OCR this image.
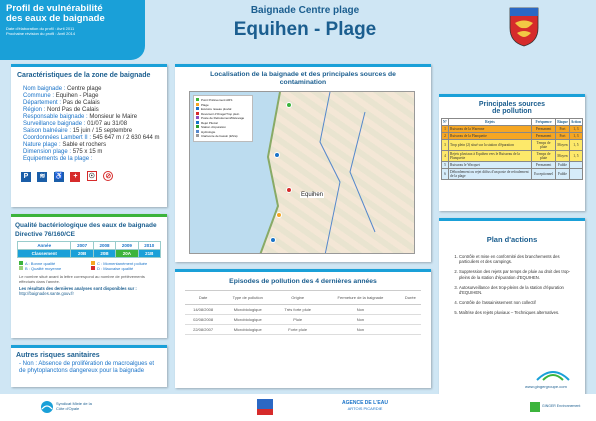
Profil de vulnérabilité
des eaux de baignade
Date d'élaboration du profil : Avril 2011
Prochaine révision du profil : Avril 2014
Baignade Centre plage
Equihen - Plage
Caractéristiques de la zone de baignade
Nom baignade : Centre plage
Commune : Equihen - Plage
Département : Pas de Calais
Région : Nord Pas de Calais
Responsable baignade : Monsieur le Maire
Surveillance baignade : 01/07 au 31/08
Saison balnéaire : 15 juin / 15 septembre
Coordonnées Lambert II : 545 647 m / 2 630 644 m
Nature plage : Sable et rochers
Dimension plage : 575 x 15 m
Equipements de la plage :
P ≋ ♿ + ☉ ⊘
Qualité bactériologique des eaux de baignade
Directive 76/160/CE
Année	2007	2008	2009	2010
Classement	20B	20B	20A	21B
A : Bonne qualité	C : Momentanément polluée
B : Qualité moyenne	D : Mauvaise qualité
Le nombre situé avant la lettre correspond au nombre de prélèvements effectués dans l'année.
Les résultats des dernières analyses sont disponibles sur :
http://baignades.sante.gouv.fr
Autres risques sanitaires
- Non : Absence de prolifération de macroalgues et de phytoplanctons dangereux pour la baignade
Localisation de la baignade et des principales sources de contamination
Equihen
Point Prélèvement ARS
Plage
Exutoire réseau pluvial
Déversoir d'Orage/Trop plein
Poste de Refoulement/Relevage
Rejet Pluvial
Station d'épuration
Hydrologie
Clarisonte de bassin (ES/a)
Episodes de pollution des 4 dernières années
Date	Type de pollution	Origine	Fermeture de la baignade	Durée
14/08/2008	Microbiologique	Très forte pluie	Non	
02/08/2008	Microbiologique	Pluie	Non	
22/08/2007	Microbiologique	Forte pluie	Non	
Principales sources
de pollution
N°	Rejets	Fréquence	Risque	Action
1	Ruisseau de la Warenne	Permanent	Fort	1, 3
2	Ruisseau de la Planquette	Permanent	Fort	1, 3
3	Trop plein (2) situé sur la station d'épuration	Temps de pluie	Moyen	1, 5
4	Rejets pluviaux à Equihen vers le Ruisseau de la Planquette	Temps de pluie	Moyen	1, 5
5	Ruisseau le Wacquet	Permanent	Faible	
6	Débordement ou rejet diffus d'un poste de refoulement de la plage	Exceptionnel	Faible	
Plan d'actions
1. Contrôle et mise en conformité des branchements des particuliers et des campings.
2. Suppression des rejets par temps de pluie au droit des trop-pleins de la station d'épuration d'EQUIHEN.
3. Autosurveillance des trop-pleins de la station d'épuration d'EQUIHEN.
4. Contrôle de l'assainissement non collectif
5. Maîtrise des rejets pluviaux – Techniques alternatives.
www.gingergroupe.com
Syndicat Mixte de la Côte d'Opale
AGENCE DE L'EAU
ARTOIS PICARDIE	GINGER Environnement
